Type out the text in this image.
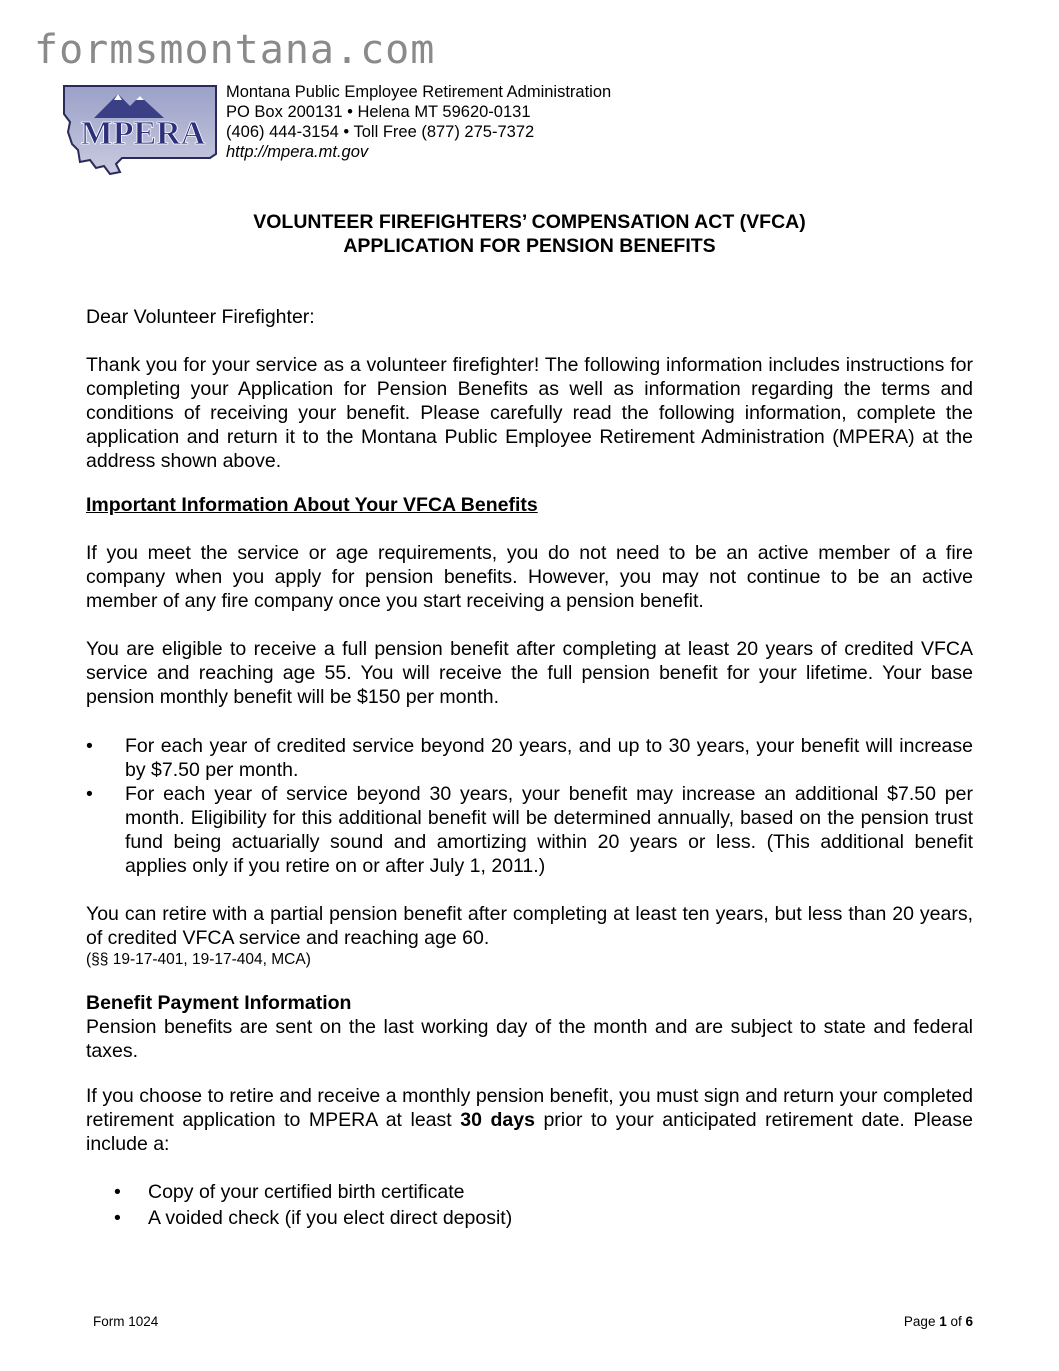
formsmontana.com
MPERA
Montana Public Employee Retirement Administration
PO Box 200131 • Helena MT 59620-0131
(406) 444-3154 • Toll Free (877) 275-7372
http://mpera.mt.gov
VOLUNTEER FIREFIGHTERS’ COMPENSATION ACT (VFCA)
APPLICATION FOR PENSION BENEFITS

Dear Volunteer Firefighter:

Thank you for your service as a volunteer firefighter! The following information includes instructions for completing your Application for Pension Benefits as well as information regarding the terms and conditions of receiving your benefit. Please carefully read the following information, complete the application and return it to the Montana Public Employee Retirement Administration (MPERA) at the address shown above.

Important Information About Your VFCA Benefits

If you meet the service or age requirements, you do not need to be an active member of a fire company when you apply for pension benefits. However, you may not continue to be an active member of any fire company once you start receiving a pension benefit.

You are eligible to receive a full pension benefit after completing at least 20 years of credited VFCA service and reaching age 55. You will receive the full pension benefit for your lifetime. Your base pension monthly benefit will be $150 per month.

• For each year of credited service beyond 20 years, and up to 30 years, your benefit will increase by $7.50 per month.
• For each year of service beyond 30 years, your benefit may increase an additional $7.50 per month. Eligibility for this additional benefit will be determined annually, based on the pension trust fund being actuarially sound and amortizing within 20 years or less. (This additional benefit applies only if you retire on or after July 1, 2011.)

You can retire with a partial pension benefit after completing at least ten years, but less than 20 years, of credited VFCA service and reaching age 60.

(§§ 19-17-401, 19-17-404, MCA)

Benefit Payment Information

Pension benefits are sent on the last working day of the month and are subject to state and federal taxes.

If you choose to retire and receive a monthly pension benefit, you must sign and return your completed retirement application to MPERA at least 30 days prior to your anticipated retirement date. Please include a:

• Copy of your certified birth certificate
• A voided check (if you elect direct deposit)
Form 1024	Page 1 of 6
